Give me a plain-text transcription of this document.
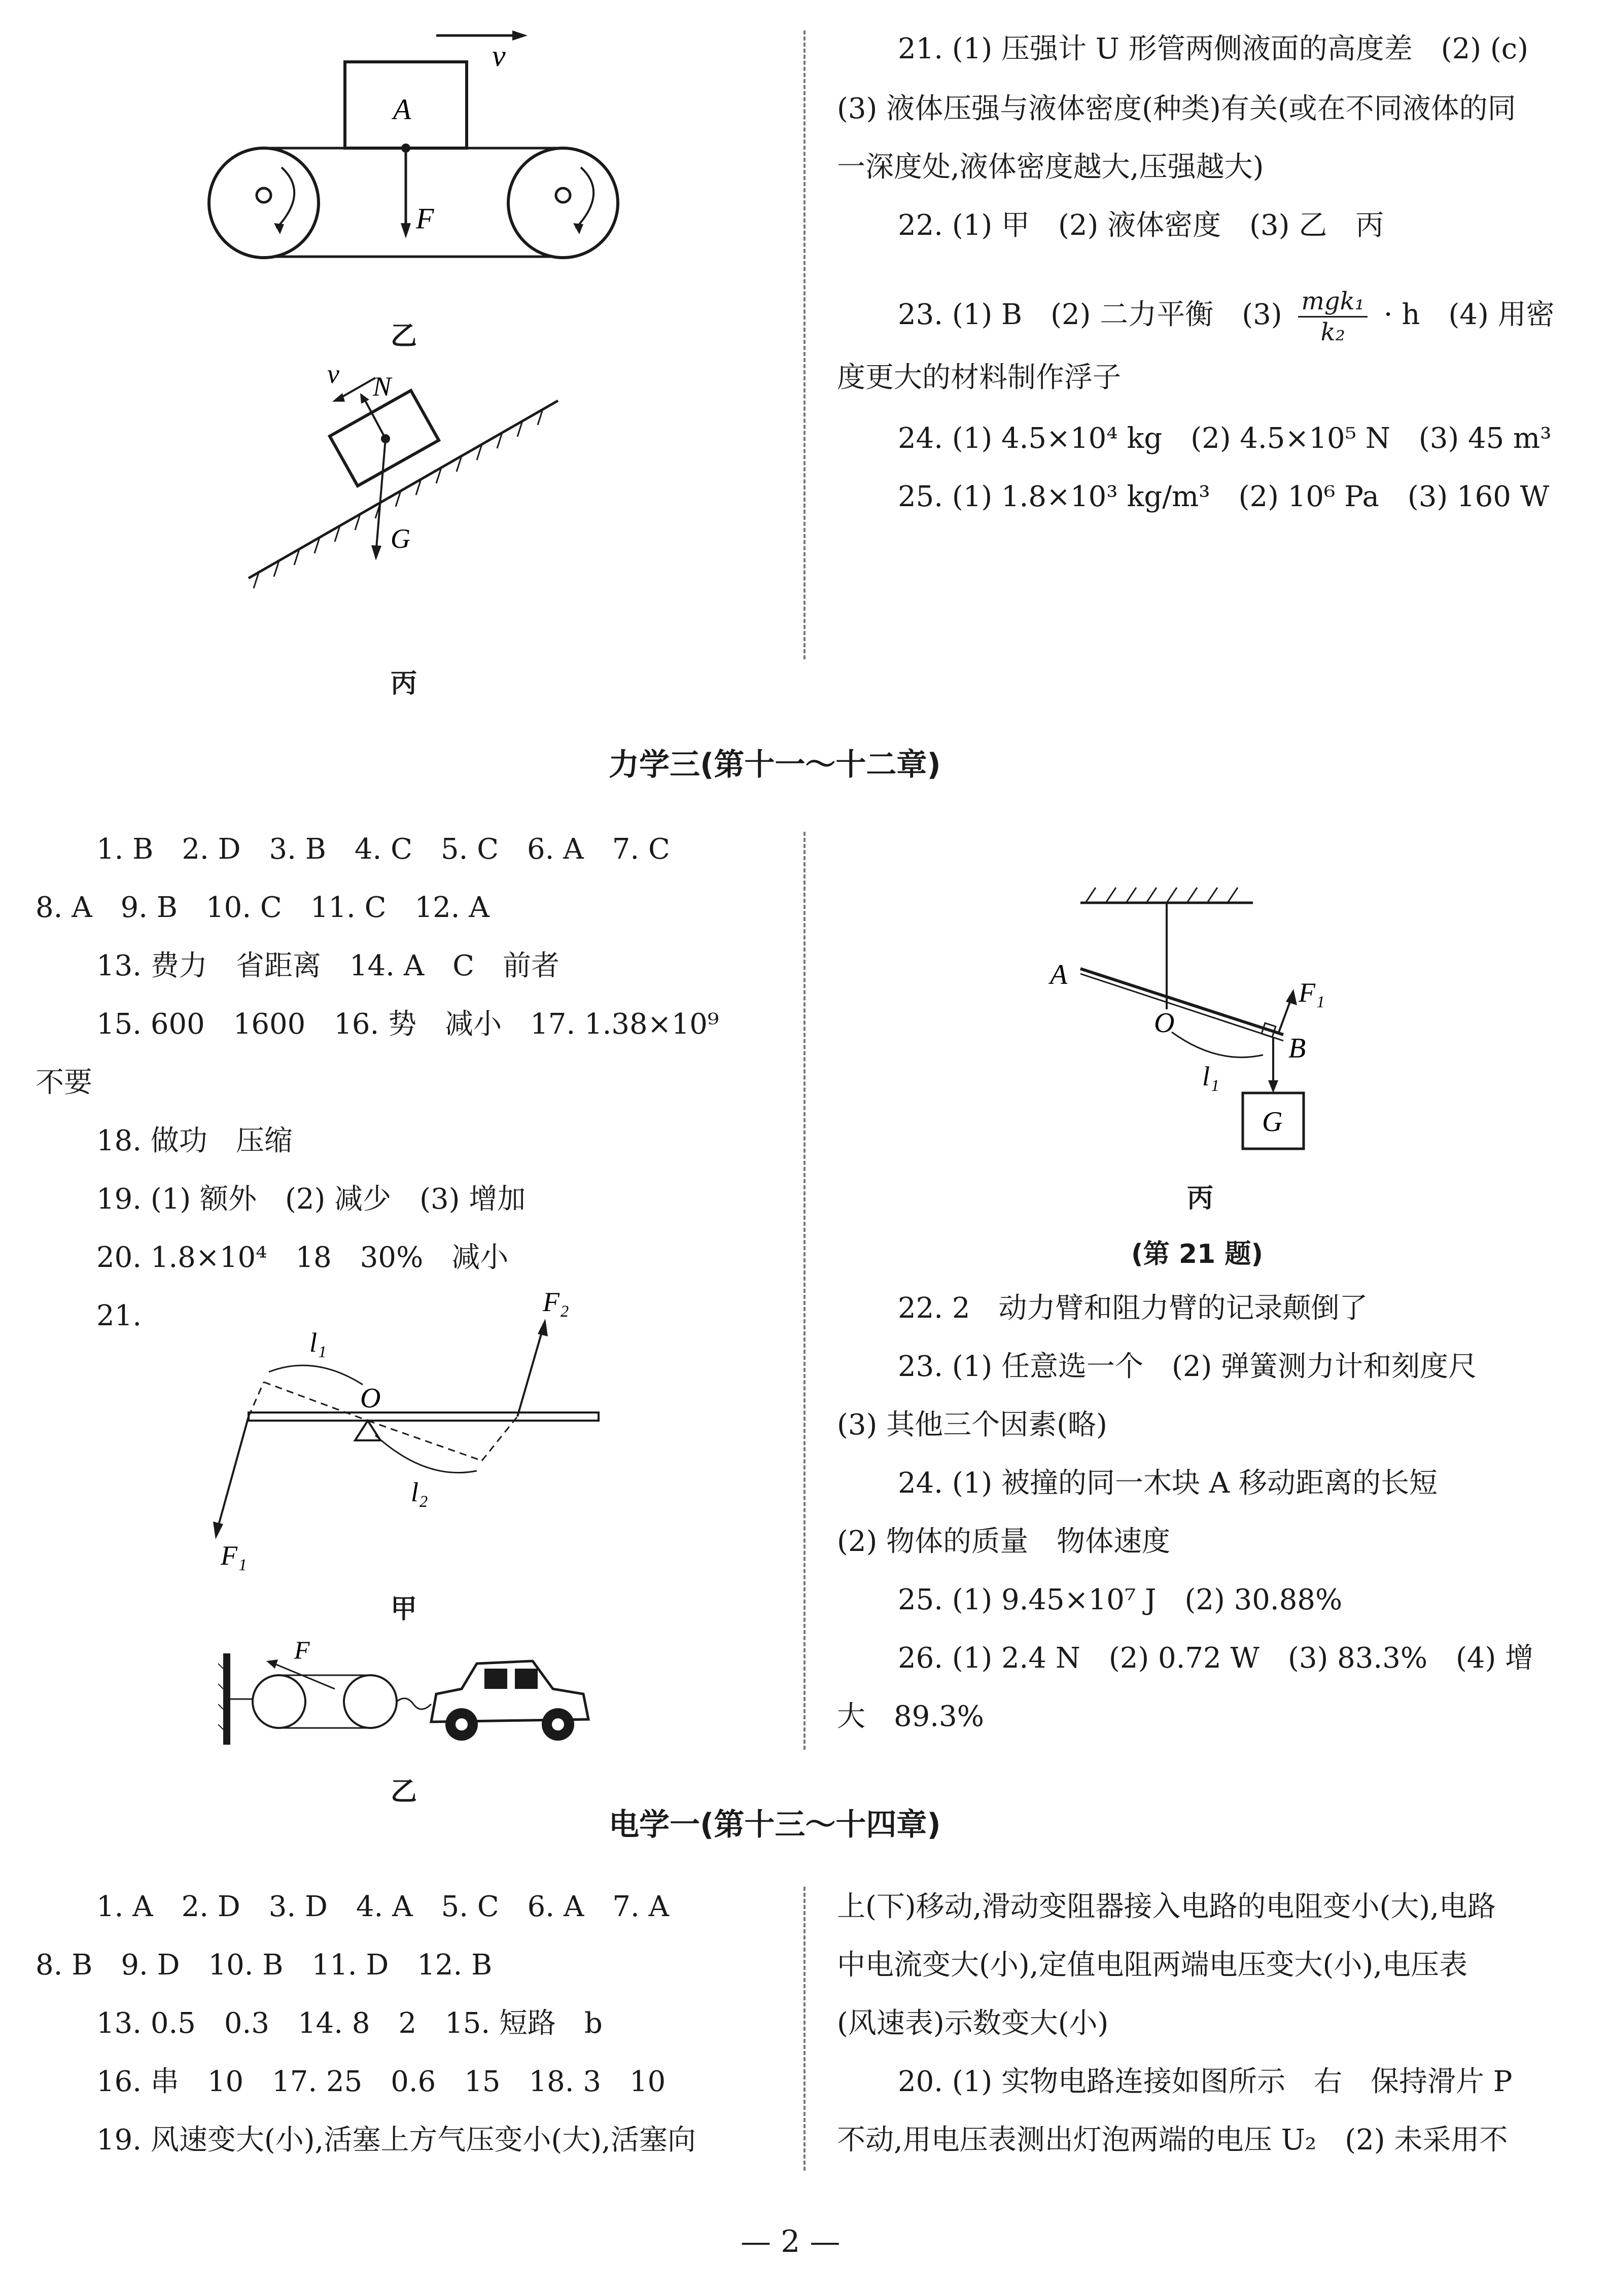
v
A
F
乙
N
v
G
丙
21. (1) 压强计 U 形管两侧液面的高度差　(2) (c)
(3) 液体压强与液体密度(种类)有关(或在不同液体的同
一深度处,液体密度越大,压强越大)
22. (1) 甲　(2) 液体密度　(3) 乙　丙
23. (1) B　(2) 二力平衡　(3) mgk₁
k₂
· h　(4) 用密
度更大的材料制作浮子
24. (1) 4.5×10⁴ kg　(2) 4.5×10⁵ N　(3) 45 m³
25. (1) 1.8×10³ kg/m³　(2) 10⁶ Pa　(3) 160 W
力学三(第十一～十二章)
1. B　2. D　3. B　4. C　5. C　6. A　7. C
8. A　9. B　10. C　11. C　12. A
13. 费力　省距离　14. A　C　前者
15. 600　1600　16. 势　减小　17. 1.38×10⁹
不要
18. 做功　压缩
19. (1) 额外　(2) 减少　(3) 增加
20. 1.8×10⁴　18　30%　减小
21.
O
F₁
F₂
l₁
l₂
甲
F
乙
A
O
B
F₁
l₁
G
丙
(第 21 题)
22. 2　动力臂和阻力臂的记录颠倒了
23. (1) 任意选一个　(2) 弹簧测力计和刻度尺
(3) 其他三个因素(略)
24. (1) 被撞的同一木块 A 移动距离的长短
(2) 物体的质量　物体速度
25. (1) 9.45×10⁷ J　(2) 30.88%
26. (1) 2.4 N　(2) 0.72 W　(3) 83.3%　(4) 增
大　89.3%
电学一(第十三～十四章)
1. A　2. D　3. D　4. A　5. C　6. A　7. A
8. B　9. D　10. B　11. D　12. B
13. 0.5　0.3　14. 8　2　15. 短路　b
16. 串　10　17. 25　0.6　15　18. 3　10
19. 风速变大(小),活塞上方气压变小(大),活塞向
上(下)移动,滑动变阻器接入电路的电阻变小(大),电路
中电流变大(小),定值电阻两端电压变大(小),电压表
(风速表)示数变大(小)
20. (1) 实物电路连接如图所示　右　保持滑片 P
不动,用电压表测出灯泡两端的电压 U₂　(2) 未采用不
— 2 —
